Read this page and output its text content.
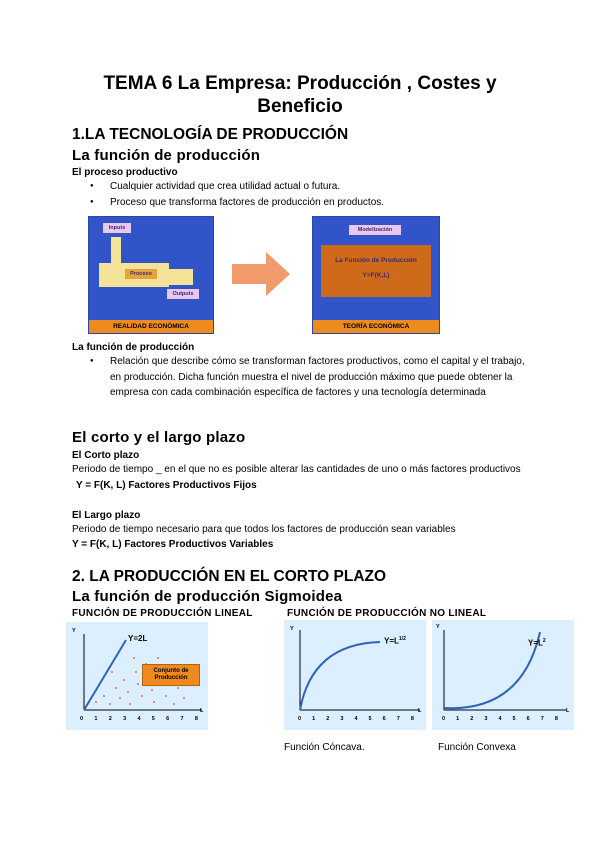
TEMA 6 La Empresa: Producción , Costes y Beneficio
1.LA TECNOLOGÍA DE PRODUCCIÓN
La función de producción
El proceso productivo
● Cualquier actividad que crea utilidad actual o futura.
● Proceso que transforma factores de producción en productos.
Inputs
Proceso
Outputs
REALIDAD ECONÓMICA
Modelización
La Función de Producción
Y=F(K,L)
TEORÍA ECONÓMICA
La función de producción
● Relación que describe cómo se transforman factores productivos, como el capital y el trabajo, en producción. Dicha función muestra el nivel de producción máximo que puede obtener la empresa con cada combinación específica de factores y una tecnología determinada
El corto y el largo plazo
El Corto plazo
Periodo de tiempo _ en el que no es posible alterar las cantidades de uno o más factores productivos Y = F(K, L) Factores Productivos Fijos
El Largo plazo
Periodo de tiempo necesario para que todos los factores de producción sean variables
Y = F(K, L) Factores Productivos Variables
2. LA PRODUCCIÓN EN EL CORTO PLAZO
La función de producción Sigmoidea
FUNCIÓN DE PRODUCCIÓN LINEAL	FUNCIÓN DE PRODUCCIÓN NO LINEAL
Y
L
Y=2L
Conjunto de Producción
0 1 2 3 4 5 6 7 8
Y
L
$Y=L^{1/2}$
0 1 2 3 4 5 6 7 8
Y
L
$Y=L^2$
0 1 2 3 4 5 6 7 8
Función Cóncava.	Función Convexa
